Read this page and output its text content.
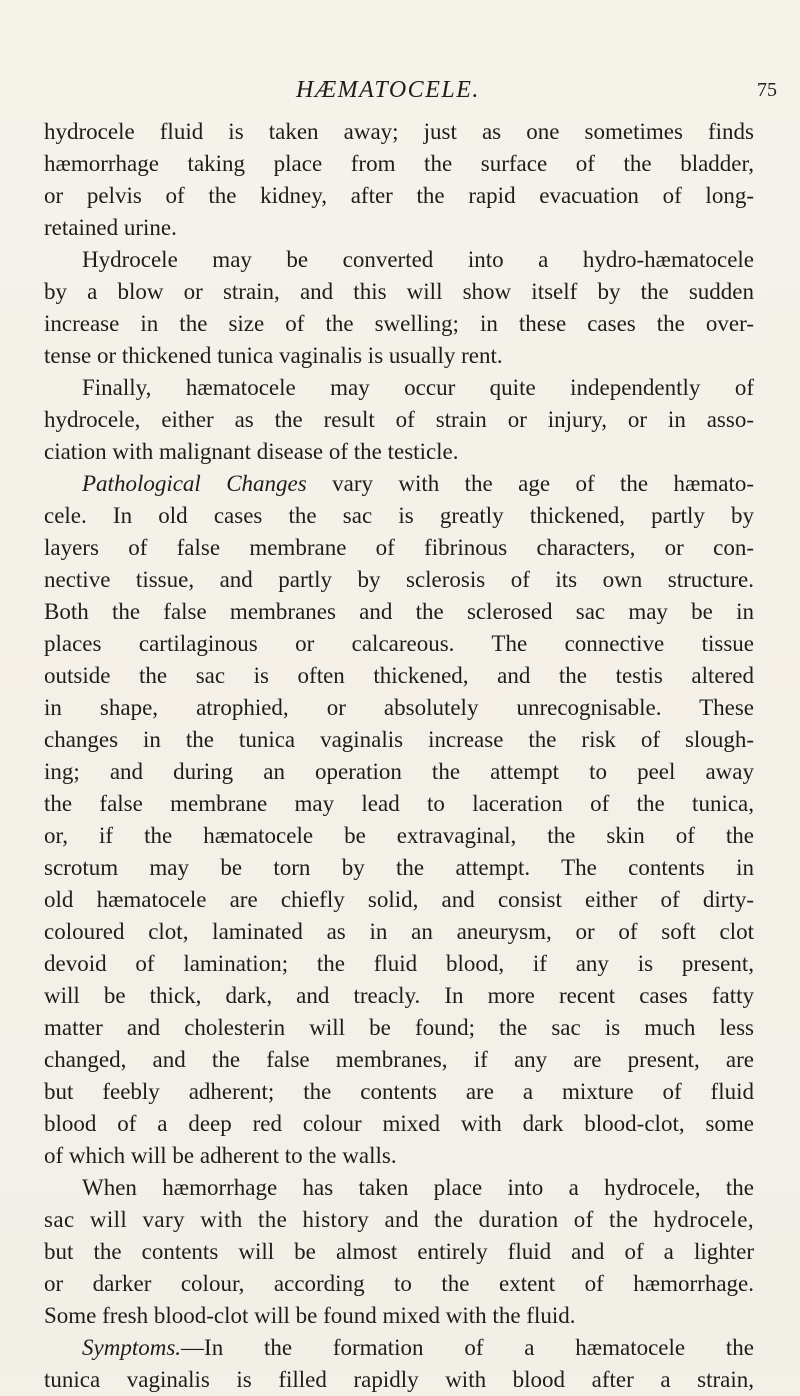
HÆMATOCELE.	75
hydrocele fluid is taken away; just as one sometimes finds
hæmorrhage taking place from the surface of the bladder,
or pelvis of the kidney, after the rapid evacuation of long-
retained urine.
Hydrocele may be converted into a hydro-hæmatocele
by a blow or strain, and this will show itself by the sudden
increase in the size of the swelling; in these cases the over-
tense or thickened tunica vaginalis is usually rent.
Finally, hæmatocele may occur quite independently of
hydrocele, either as the result of strain or injury, or in asso-
ciation with malignant disease of the testicle.
Pathological Changes vary with the age of the hæmato-
cele. In old cases the sac is greatly thickened, partly by
layers of false membrane of fibrinous characters, or con-
nective tissue, and partly by sclerosis of its own structure.
Both the false membranes and the sclerosed sac may be in
places cartilaginous or calcareous. The connective tissue
outside the sac is often thickened, and the testis altered
in shape, atrophied, or absolutely unrecognisable. These
changes in the tunica vaginalis increase the risk of slough-
ing; and during an operation the attempt to peel away
the false membrane may lead to laceration of the tunica,
or, if the hæmatocele be extravaginal, the skin of the
scrotum may be torn by the attempt. The contents in
old hæmatocele are chiefly solid, and consist either of dirty-
coloured clot, laminated as in an aneurysm, or of soft clot
devoid of lamination; the fluid blood, if any is present,
will be thick, dark, and treacly. In more recent cases fatty
matter and cholesterin will be found; the sac is much less
changed, and the false membranes, if any are present, are
but feebly adherent; the contents are a mixture of fluid
blood of a deep red colour mixed with dark blood-clot, some
of which will be adherent to the walls.
When hæmorrhage has taken place into a hydrocele, the
sac will vary with the history and the duration of the hydrocele,
but the contents will be almost entirely fluid and of a lighter
or darker colour, according to the extent of hæmorrhage.
Some fresh blood-clot will be found mixed with the fluid.
Symptoms.—In the formation of a hæmatocele the
tunica vaginalis is filled rapidly with blood after a strain,
